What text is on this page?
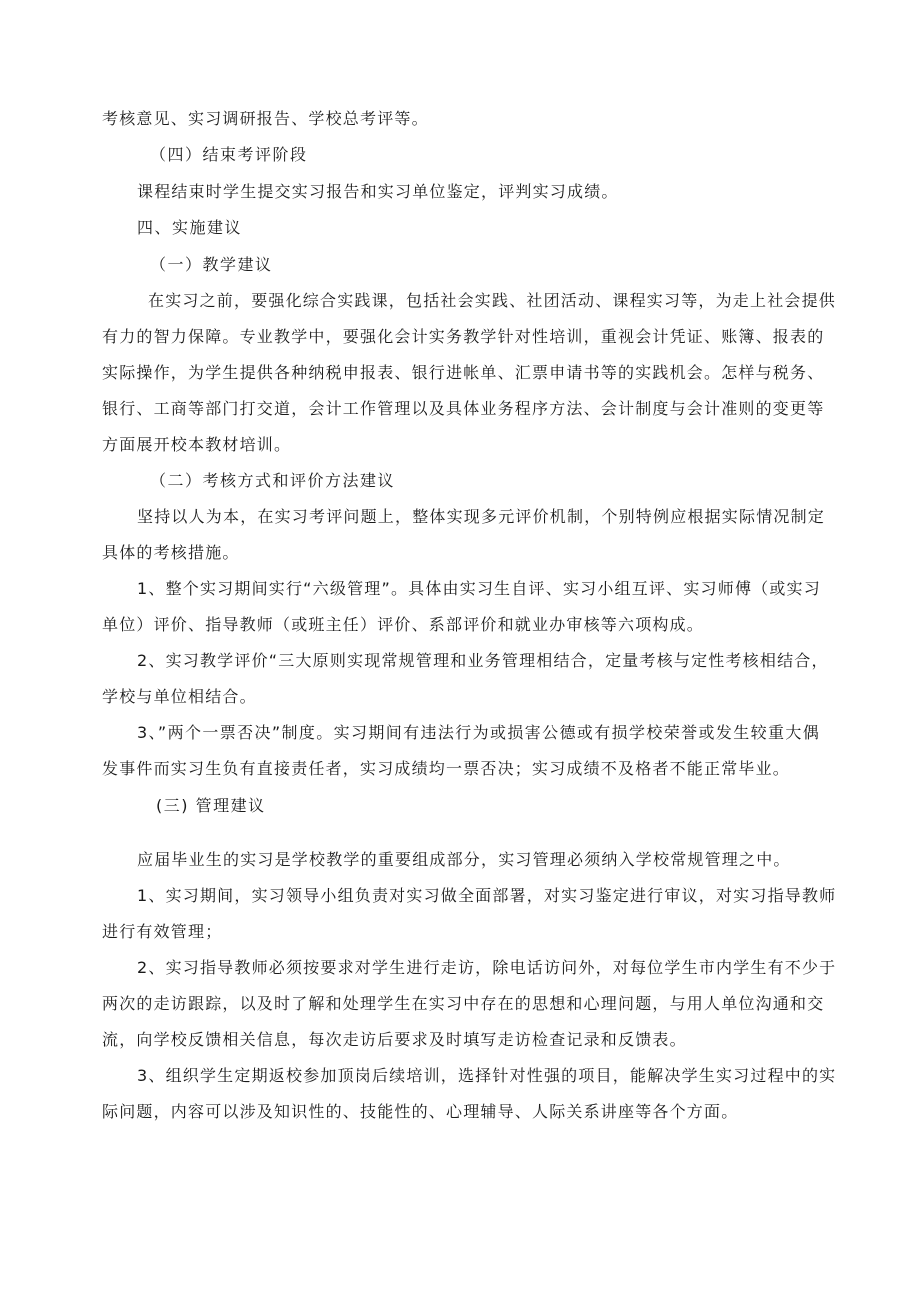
考核意见、实习调研报告、学校总考评等。
（四）结束考评阶段
课程结束时学生提交实习报告和实习单位鉴定，评判实习成绩。
四、实施建议
（一）教学建议
在实习之前，要强化综合实践课，包括社会实践、社团活动、课程实习等，为走上社会提供
有力的智力保障。专业教学中，要强化会计实务教学针对性培训，重视会计凭证、账簿、报表的
实际操作，为学生提供各种纳税申报表、银行进帐单、汇票申请书等的实践机会。怎样与税务、
银行、工商等部门打交道，会计工作管理以及具体业务程序方法、会计制度与会计准则的变更等
方面展开校本教材培训。
（二）考核方式和评价方法建议
坚持以人为本，在实习考评问题上，整体实现多元评价机制，个别特例应根据实际情况制定
具体的考核措施。
1、整个实习期间实行“六级管理”。具体由实习生自评、实习小组互评、实习师傅（或实习
单位）评价、指导教师（或班主任）评价、系部评价和就业办审核等六项构成。
2、实习教学评价“三大原则实现常规管理和业务管理相结合，定量考核与定性考核相结合，
学校与单位相结合。
3、”两个一票否决”制度。实习期间有违法行为或损害公德或有损学校荣誉或发生较重大偶
发事件而实习生负有直接责任者，实习成绩均一票否决；实习成绩不及格者不能正常毕业。
(三) 管理建议
应届毕业生的实习是学校教学的重要组成部分，实习管理必须纳入学校常规管理之中。
1、实习期间，实习领导小组负责对实习做全面部署，对实习鉴定进行审议，对实习指导教师
进行有效管理；
2、实习指导教师必须按要求对学生进行走访，除电话访问外，对每位学生市内学生有不少于
两次的走访跟踪，以及时了解和处理学生在实习中存在的思想和心理问题，与用人单位沟通和交
流，向学校反馈相关信息，每次走访后要求及时填写走访检查记录和反馈表。
3、组织学生定期返校参加顶岗后续培训，选择针对性强的项目，能解决学生实习过程中的实
际问题，内容可以涉及知识性的、技能性的、心理辅导、人际关系讲座等各个方面。
